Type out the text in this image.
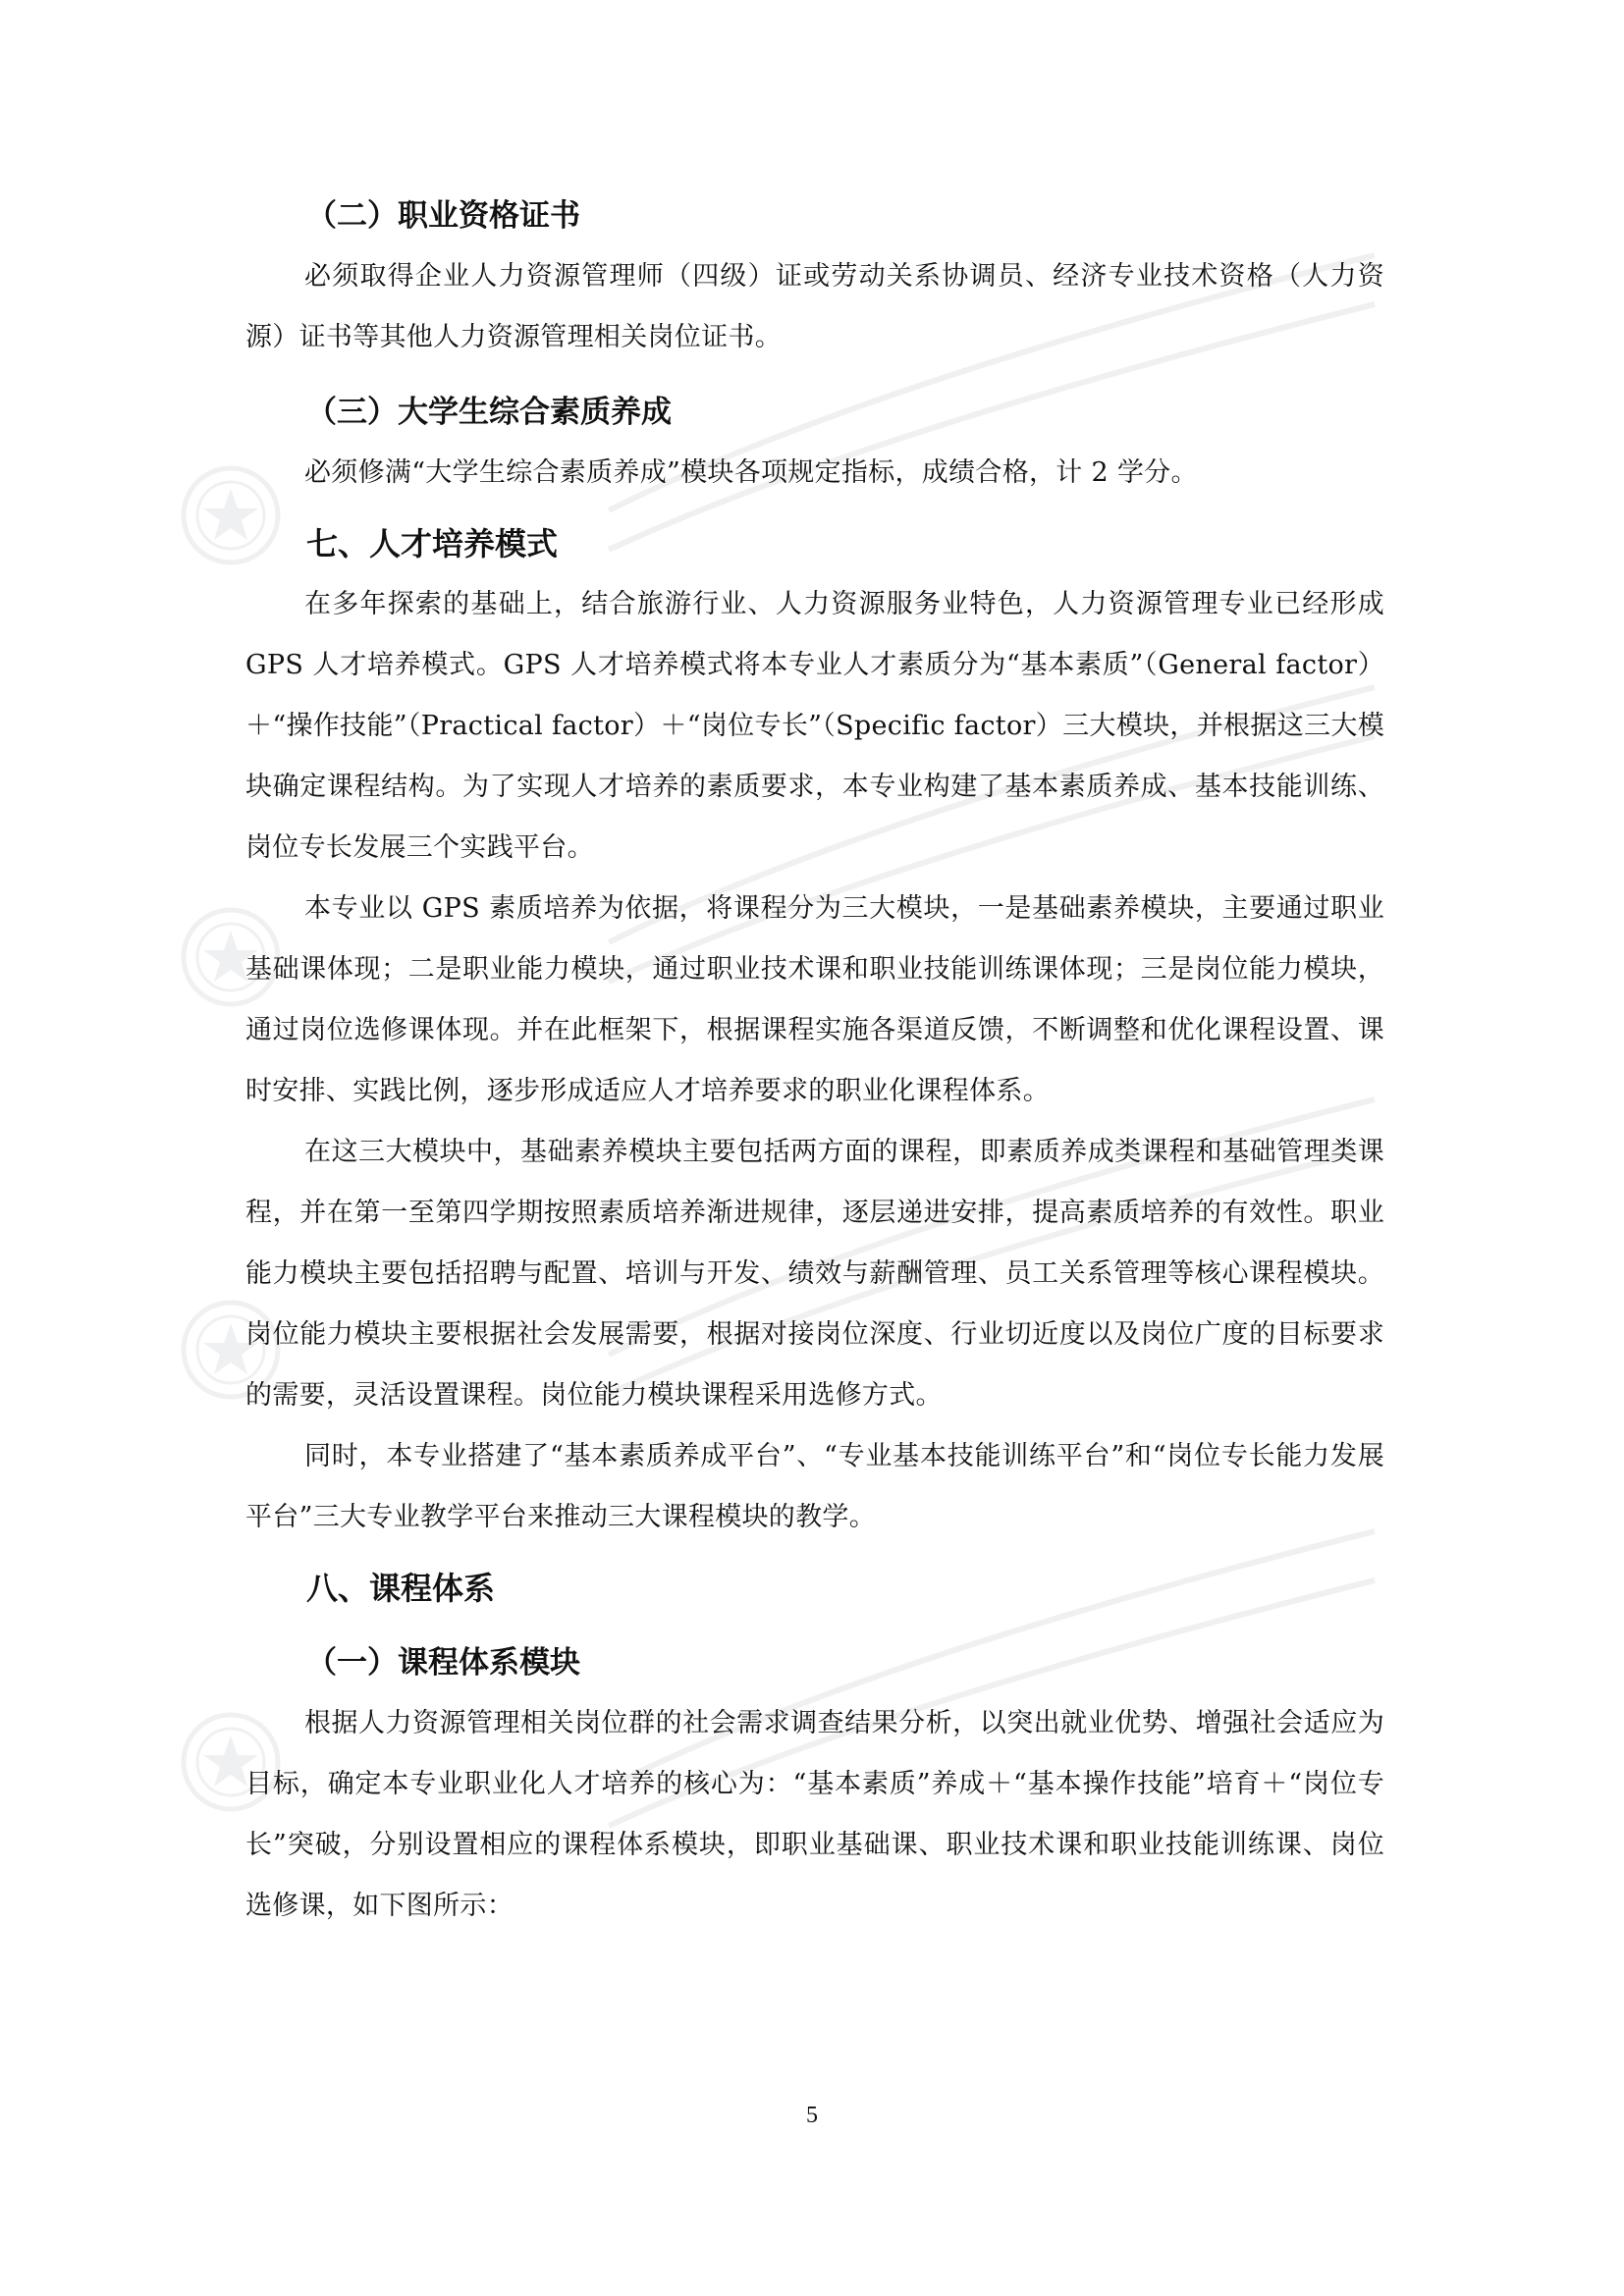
（二）职业资格证书

必须取得企业人力资源管理师（四级）证或劳动关系协调员、经济专业技术资格（人力资源）证书等其他人力资源管理相关岗位证书。

（三）大学生综合素质养成

必须修满“大学生综合素质养成”模块各项规定指标，成绩合格，计 2 学分。

七、人才培养模式

在多年探索的基础上，结合旅游行业、人力资源服务业特色，人力资源管理专业已经形成 GPS 人才培养模式。GPS 人才培养模式将本专业人才素质分为“基本素质”（General factor）＋“操作技能”（Practical factor）＋“岗位专长”（Specific factor）三大模块，并根据这三大模块确定课程结构。为了实现人才培养的素质要求，本专业构建了基本素质养成、基本技能训练、岗位专长发展三个实践平台。

本专业以 GPS 素质培养为依据，将课程分为三大模块，一是基础素养模块，主要通过职业基础课体现；二是职业能力模块，通过职业技术课和职业技能训练课体现；三是岗位能力模块，通过岗位选修课体现。并在此框架下，根据课程实施各渠道反馈，不断调整和优化课程设置、课时安排、实践比例，逐步形成适应人才培养要求的职业化课程体系。

在这三大模块中，基础素养模块主要包括两方面的课程，即素质养成类课程和基础管理类课程，并在第一至第四学期按照素质培养渐进规律，逐层递进安排，提高素质培养的有效性。职业能力模块主要包括招聘与配置、培训与开发、绩效与薪酬管理、员工关系管理等核心课程模块。岗位能力模块主要根据社会发展需要，根据对接岗位深度、行业切近度以及岗位广度的目标要求的需要，灵活设置课程。岗位能力模块课程采用选修方式。

同时，本专业搭建了“基本素质养成平台”、“专业基本技能训练平台”和“岗位专长能力发展平台”三大专业教学平台来推动三大课程模块的教学。

八、课程体系
（一）课程体系模块

根据人力资源管理相关岗位群的社会需求调查结果分析，以突出就业优势、增强社会适应为目标，确定本专业职业化人才培养的核心为：“基本素质”养成＋“基本操作技能”培育＋“岗位专长”突破，分别设置相应的课程体系模块，即职业基础课、职业技术课和职业技能训练课、岗位选修课，如下图所示：

5
